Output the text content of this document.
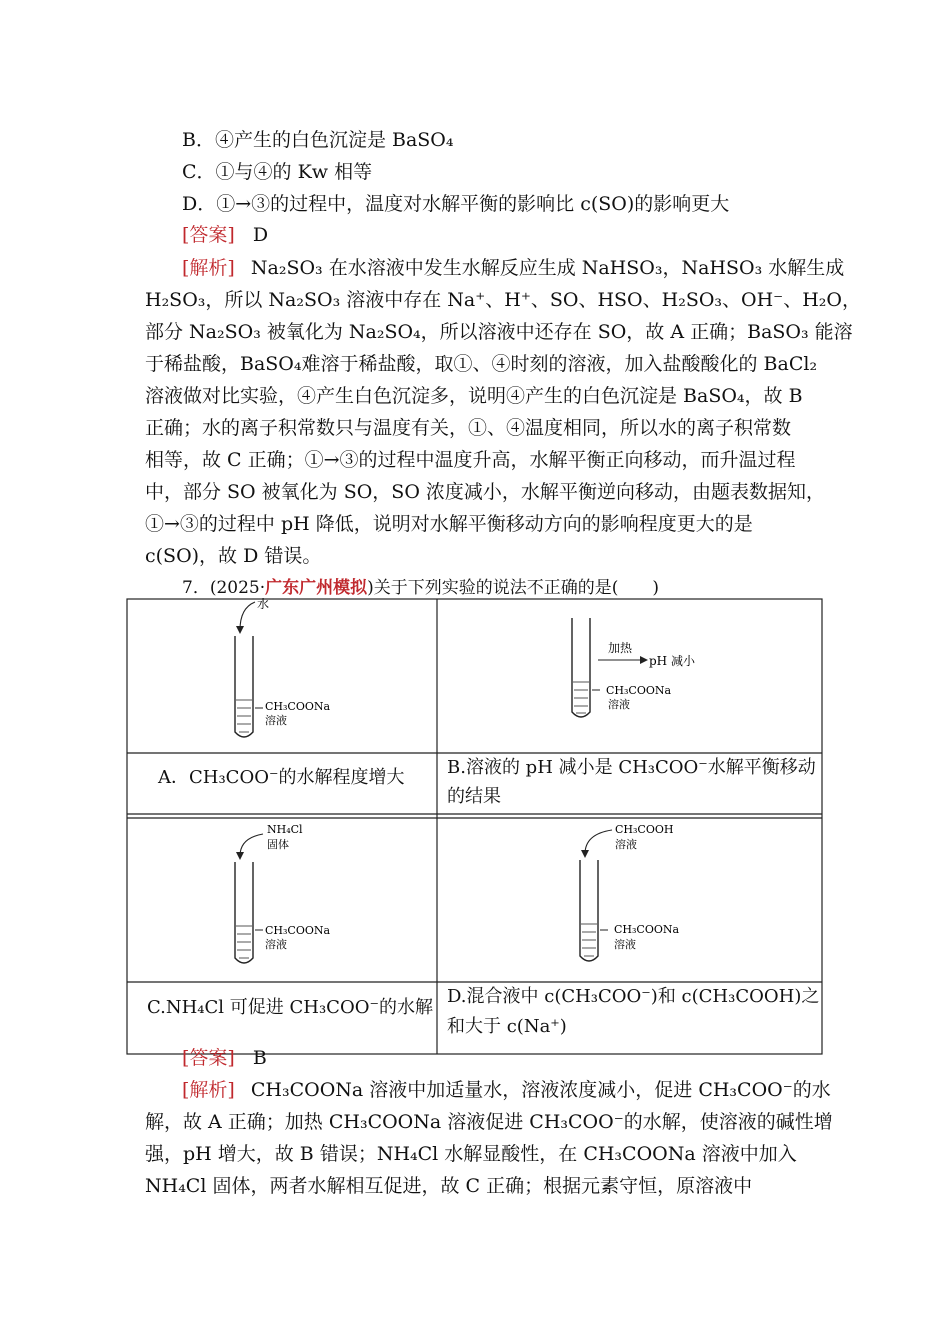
B．④产生的白色沉淀是 BaSO₄
C．①与④的 Kw 相等
D．①→③的过程中，温度对水解平衡的影响比 c(SO)的影响更大
[答案] D
[解析] Na₂SO₃ 在水溶液中发生水解反应生成 NaHSO₃，NaHSO₃ 水解生成
H₂SO₃，所以 Na₂SO₃ 溶液中存在 Na⁺、H⁺、SO、HSO、H₂SO₃、OH⁻、H₂O，
部分 Na₂SO₃ 被氧化为 Na₂SO₄，所以溶液中还存在 SO，故 A 正确；BaSO₃ 能溶
于稀盐酸，BaSO₄难溶于稀盐酸，取①、④时刻的溶液，加入盐酸酸化的 BaCl₂
溶液做对比实验，④产生白色沉淀多，说明④产生的白色沉淀是 BaSO₄，故 B
正确；水的离子积常数只与温度有关，①、④温度相同，所以水的离子积常数
相等，故 C 正确；①→③的过程中温度升高，水解平衡正向移动，而升温过程
中，部分 SO 被氧化为 SO，SO 浓度减小，水解平衡逆向移动，由题表数据知，
①→③的过程中 pH 降低，说明对水解平衡移动方向的影响程度更大的是
c(SO)，故 D 错误。
7．(2025·广东广州模拟)关于下列实验的说法不正确的是(　　)
水
CH₃COONa
溶液
A．CH₃COO⁻的水解程度增大
加热
pH 减小
CH₃COONa
溶液
B.溶液的 pH 减小是 CH₃COO⁻水解平衡移动
的结果
NH₄Cl
固体
CH₃COONa
溶液
C.NH₄Cl 可促进 CH₃COO⁻的水解
CH₃COOH
溶液
CH₃COONa
溶液
D.混合液中 c(CH₃COO⁻)和 c(CH₃COOH)之
和大于 c(Na⁺)
[答案] B
[解析] CH₃COONa 溶液中加适量水，溶液浓度减小，促进 CH₃COO⁻的水
解，故 A 正确；加热 CH₃COONa 溶液促进 CH₃COO⁻的水解，使溶液的碱性增
强，pH 增大，故 B 错误；NH₄Cl 水解显酸性，在 CH₃COONa 溶液中加入
NH₄Cl 固体，两者水解相互促进，故 C 正确；根据元素守恒，原溶液中
